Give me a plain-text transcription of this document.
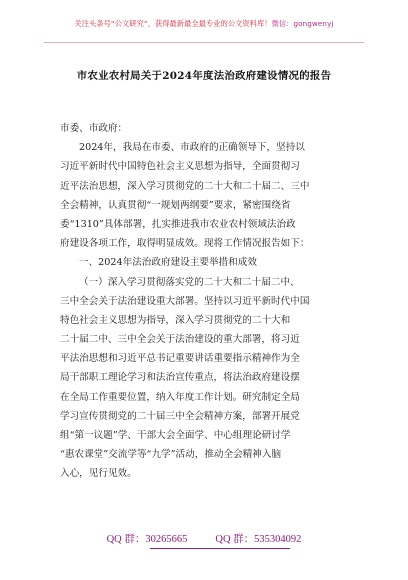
关注头条号“公文研究”，获得最新最全最专业的公文资料库！微信：gongwenyj
市农业农村局关于2024年度法治政府建设情况的报告
市委、市政府：
2024年，我局在市委、市政府的正确领导下，坚持以
习近平新时代中国特色社会主义思想为指导，全面贯彻习
近平法治思想，深入学习贯彻党的二十大和二十届二、三中
全会精神，认真贯彻“一规划两纲要”要求，紧密围绕省
委“1310”具体部署，扎实推进我市农业农村领域法治政
府建设各项工作，取得明显成效。现将工作情况报告如下：
一、2024年法治政府建设主要举措和成效
（一）深入学习贯彻落实党的二十大和二十届二中、
三中全会关于法治建设重大部署。坚持以习近平新时代中国
特色社会主义思想为指导，深入学习贯彻党的二十大和
二十届二中、三中全会关于法治建设的重大部署，将习近
平法治思想和习近平总书记重要讲话重要指示精神作为全
局干部职工理论学习和法治宣传重点，将法治政府建设摆
在全局工作重要位置，纳入年度工作计划。研究制定全局
学习宣传贯彻党的二十届三中全会精神方案，部署开展党
组“第一议题”学、干部大会全面学、中心组理论研讨学
“惠农课堂”交流学等“九学”活动，推动全会精神入脑
入心，见行见效。
QQ 群：30265665	QQ 群：535304092
